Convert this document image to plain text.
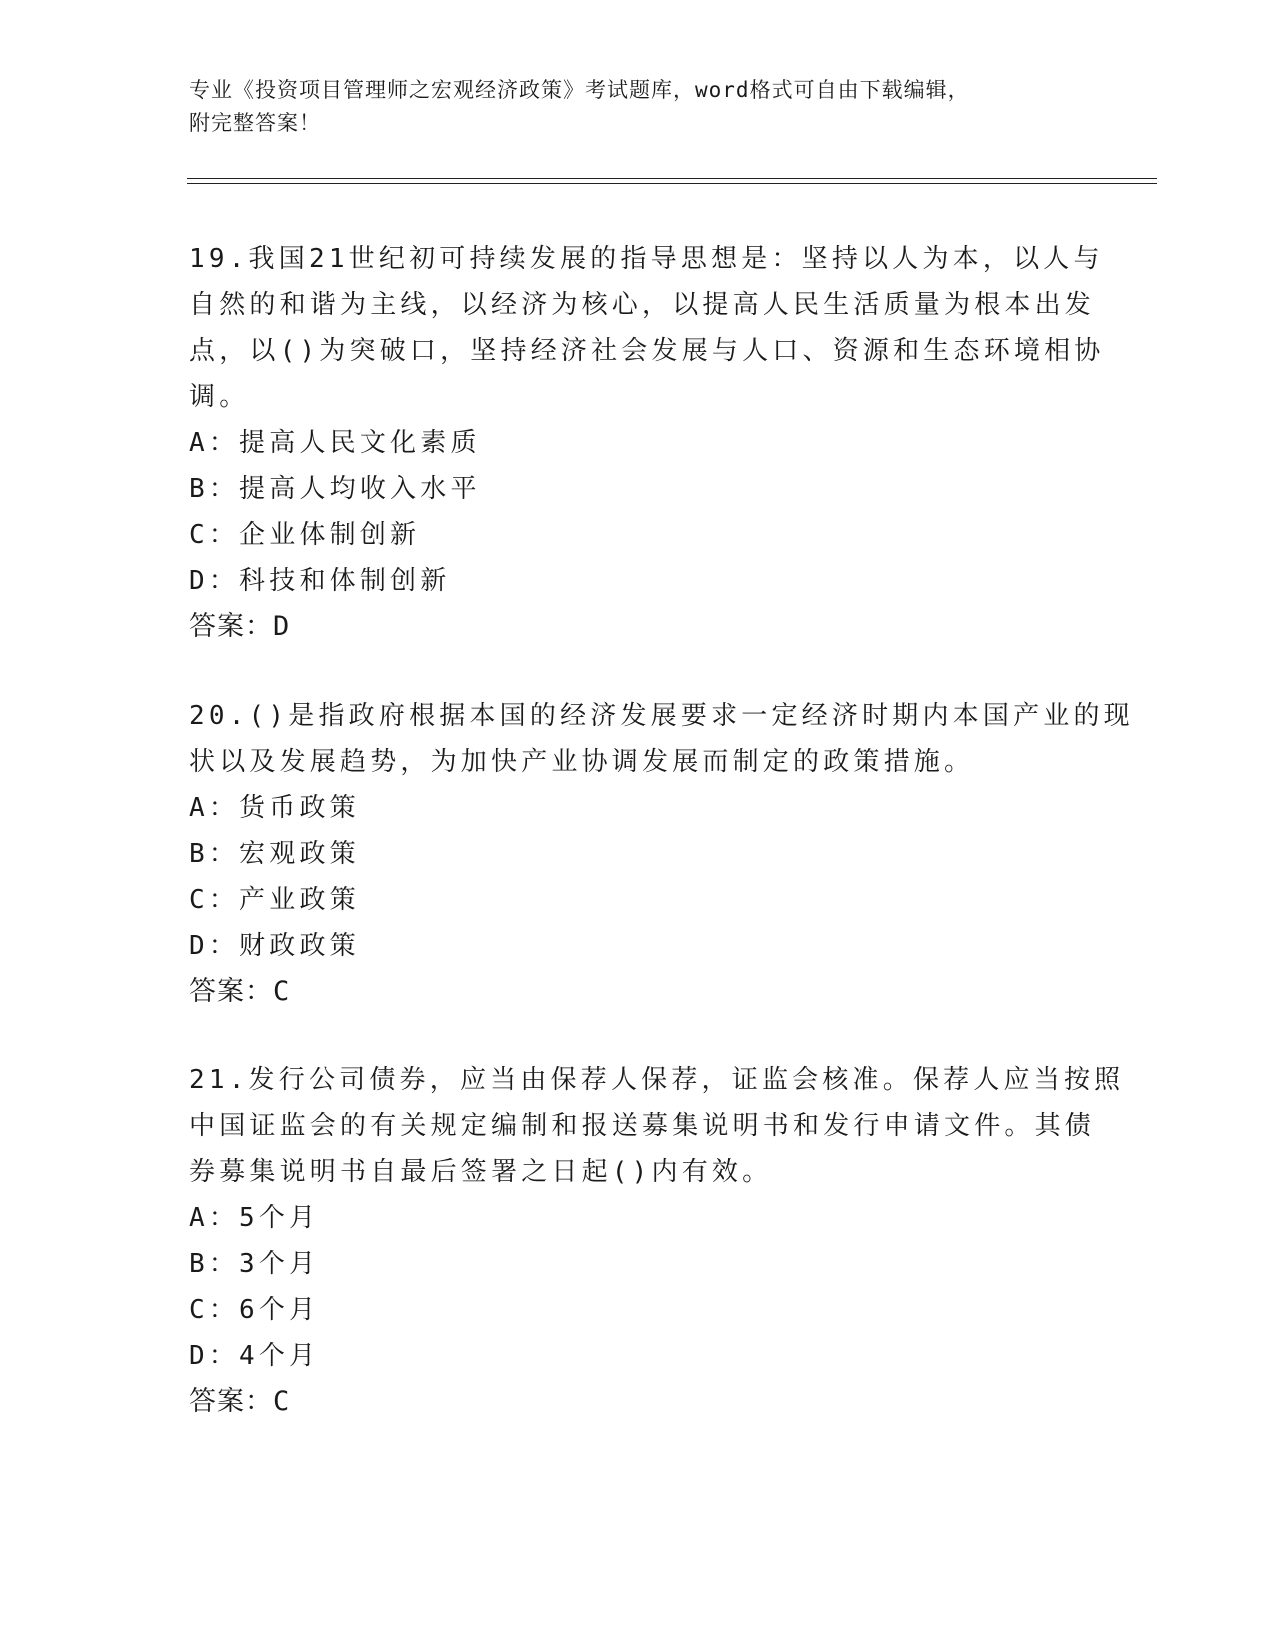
专业《投资项目管理师之宏观经济政策》考试题库，word格式可自由下载编辑，
附完整答案！
19.我国21世纪初可持续发展的指导思想是：坚持以人为本，以人与
自然的和谐为主线，以经济为核心，以提高人民生活质量为根本出发
点，以()为突破口，坚持经济社会发展与人口、资源和生态环境相协
调。
A：提高人民文化素质
B：提高人均收入水平
C：企业体制创新
D：科技和体制创新
答案：D
20.()是指政府根据本国的经济发展要求一定经济时期内本国产业的现
状以及发展趋势，为加快产业协调发展而制定的政策措施。
A：货币政策
B：宏观政策
C：产业政策
D：财政政策
答案：C
21.发行公司债券，应当由保荐人保荐，证监会核准。保荐人应当按照
中国证监会的有关规定编制和报送募集说明书和发行申请文件。其债
券募集说明书自最后签署之日起()内有效。
A：5个月
B：3个月
C：6个月
D：4个月
答案：C
